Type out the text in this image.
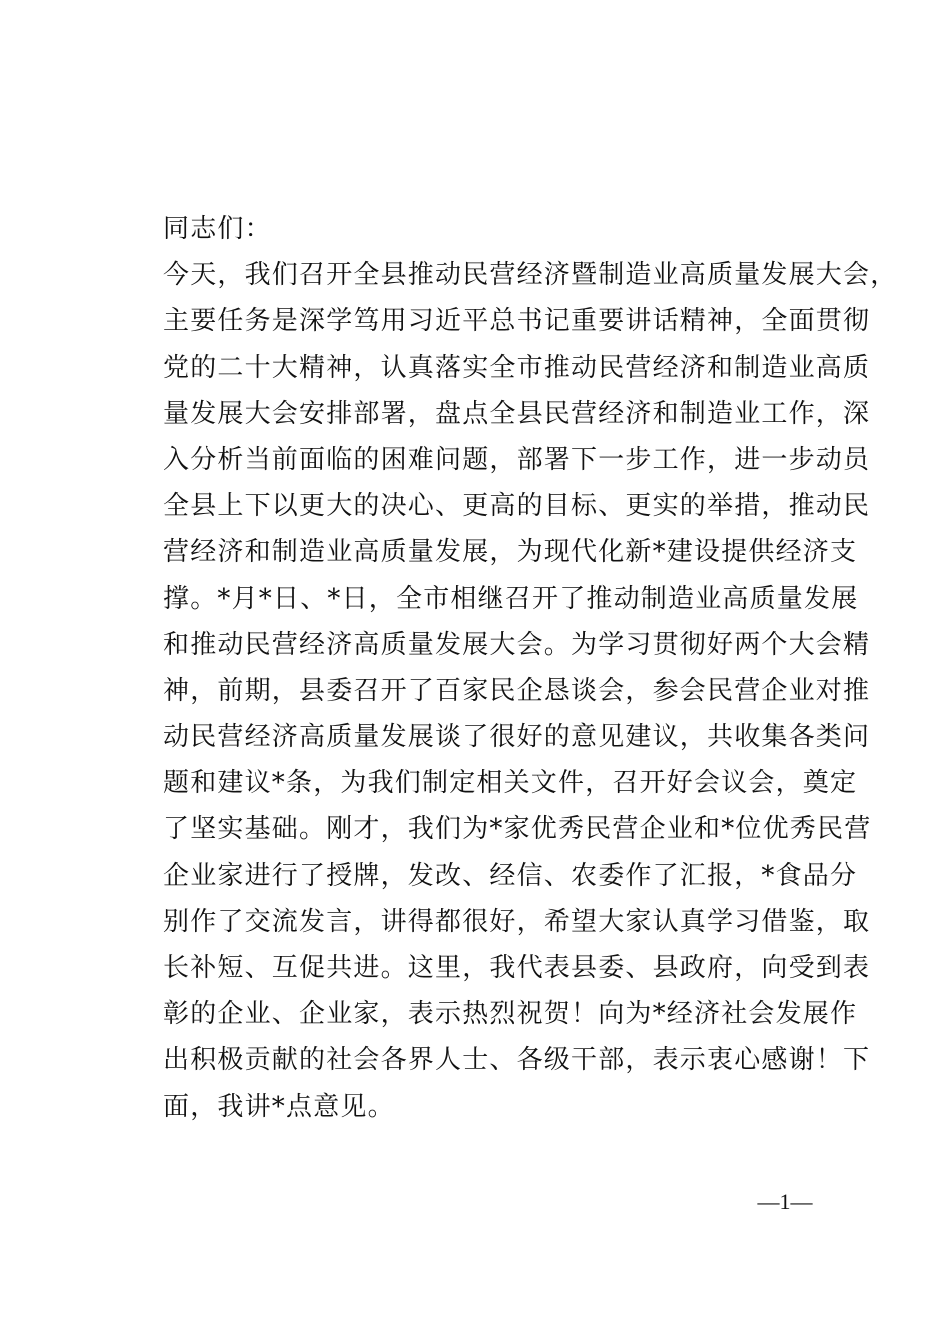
同志们：
今天，我们召开全县推动民营经济暨制造业高质量发展大会，
主要任务是深学笃用习近平总书记重要讲话精神，全面贯彻
党的二十大精神，认真落实全市推动民营经济和制造业高质
量发展大会安排部署，盘点全县民营经济和制造业工作，深
入分析当前面临的困难问题，部署下一步工作，进一步动员
全县上下以更大的决心、更高的目标、更实的举措，推动民
营经济和制造业高质量发展，为现代化新*建设提供经济支
撑。*月*日、*日，全市相继召开了推动制造业高质量发展
和推动民营经济高质量发展大会。为学习贯彻好两个大会精
神，前期，县委召开了百家民企恳谈会，参会民营企业对推
动民营经济高质量发展谈了很好的意见建议，共收集各类问
题和建议*条，为我们制定相关文件，召开好会议会，奠定
了坚实基础。刚才，我们为*家优秀民营企业和*位优秀民营
企业家进行了授牌，发改、经信、农委作了汇报，*食品分
别作了交流发言，讲得都很好，希望大家认真学习借鉴，取
长补短、互促共进。这里，我代表县委、县政府，向受到表
彰的企业、企业家，表示热烈祝贺！向为*经济社会发展作
出积极贡献的社会各界人士、各级干部，表示衷心感谢！下
面，我讲*点意见。
—1—
